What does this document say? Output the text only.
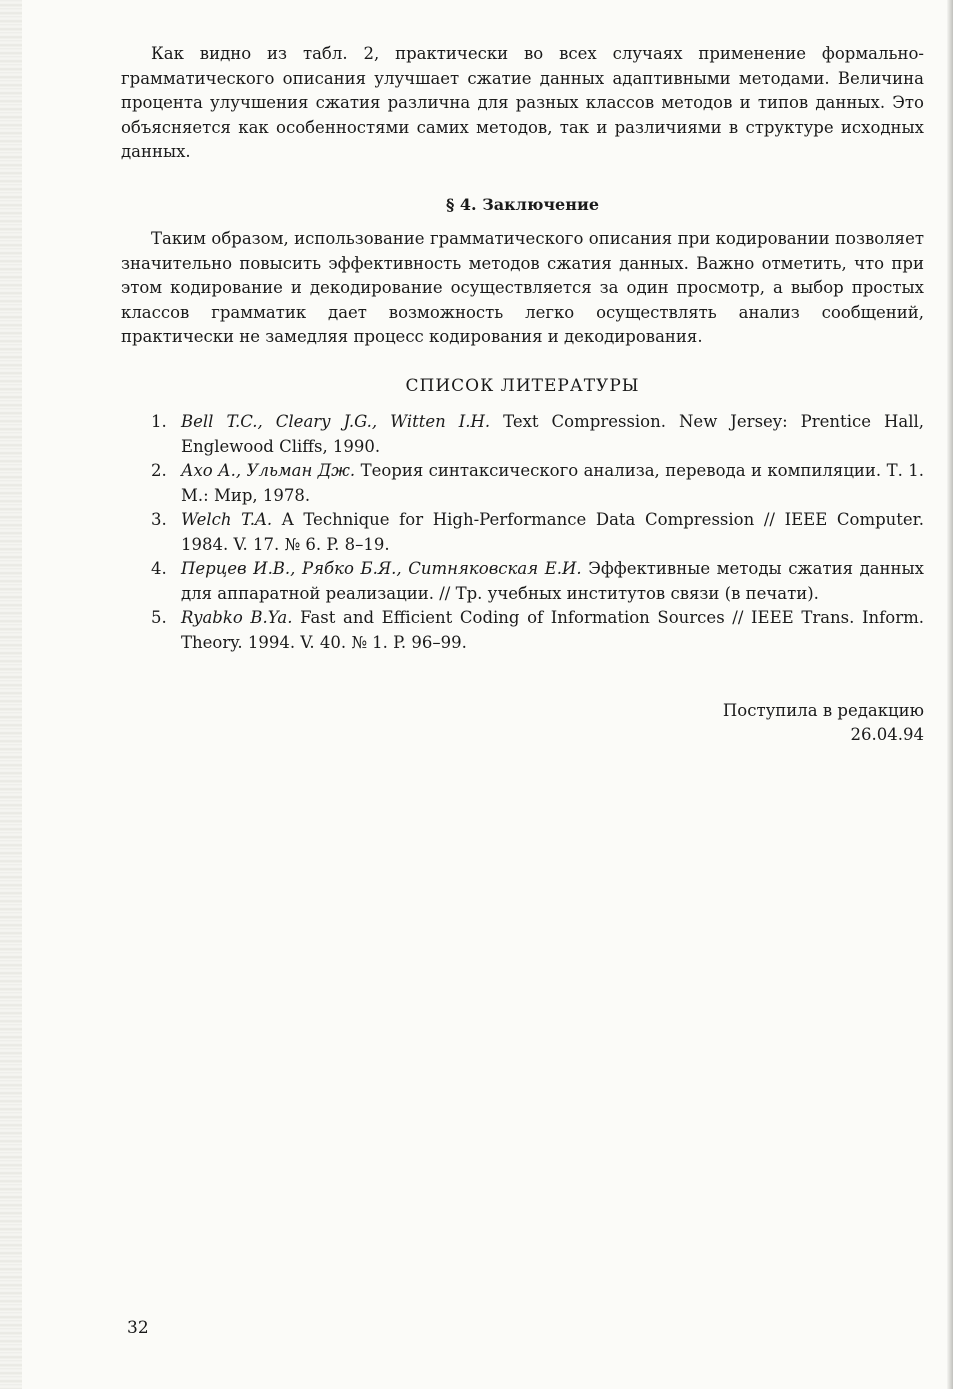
Как видно из табл. 2, практически во всех случаях применение формально-грамматического описания улучшает сжатие данных адаптивными методами. Величина процента улучшения сжатия различна для разных классов методов и типов данных. Это объясняется как особенностями самих методов, так и различиями в структуре исходных данных.

§ 4. Заключение

Таким образом, использование грамматического описания при кодировании позволяет значительно повысить эффективность методов сжатия данных. Важно отметить, что при этом кодирование и декодирование осуществляется за один просмотр, а выбор простых классов грамматик дает возможность легко осуществлять анализ сообщений, практически не замедляя процесс кодирования и декодирования.

СПИСОК ЛИТЕРАТУРЫ
1. Bell T.C., Cleary J.G., Witten I.H. Text Compression. New Jersey: Prentice Hall, Englewood Cliffs, 1990.
2. Ахо А., Ульман Дж. Теория синтаксического анализа, перевода и компиляции. Т. 1. М.: Мир, 1978.
3. Welch T.A. A Technique for High-Performance Data Compression // IEEE Computer. 1984. V. 17. № 6. P. 8–19.
4. Перцев И.В., Рябко Б.Я., Ситняковская Е.И. Эффективные методы сжатия данных для аппаратной реализации. // Тр. учебных институтов связи (в печати).
5. Ryabko B.Ya. Fast and Efficient Coding of Information Sources // IEEE Trans. Inform. Theory. 1994. V. 40. № 1. P. 96–99.
Поступила в редакцию
26.04.94
32
